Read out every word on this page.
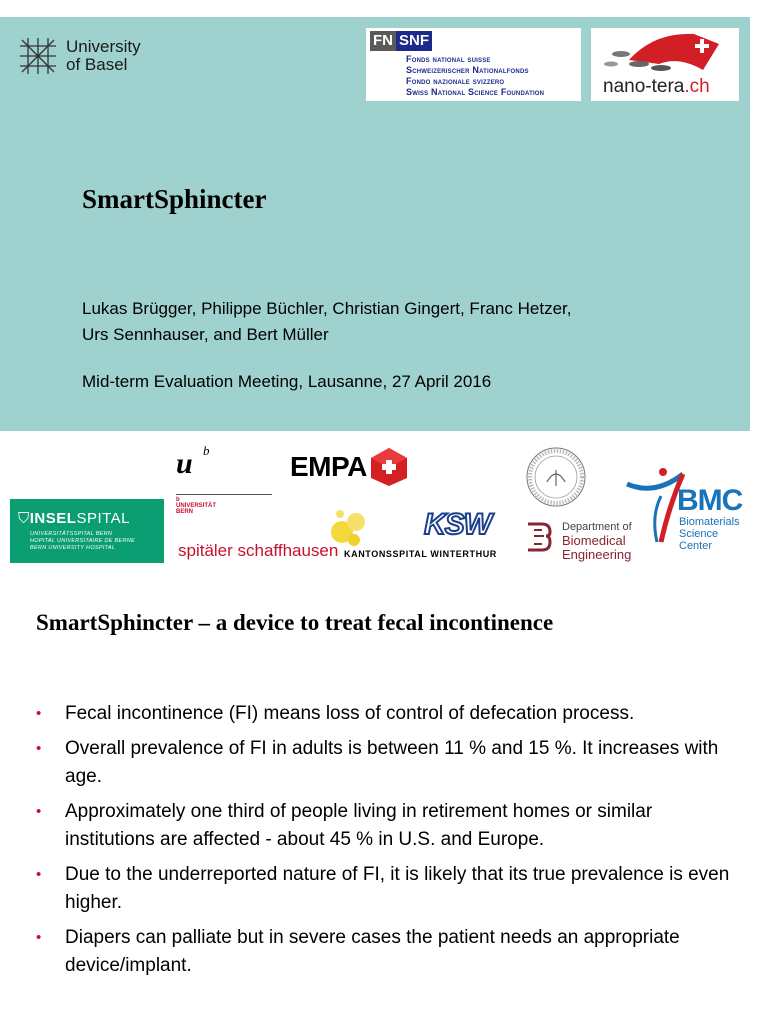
University
of Basel
FN SNF
Fonds national suisse
Schweizerischer Nationalfonds
Fondo nazionale svizzero
Swiss National Science Foundation	nano-tera.ch
SmartSphincter
Lukas Brügger, Philippe Büchler, Christian Gingert, Franc Hetzer,
Urs Sennhauser, and Bert Müller
Mid-term Evaluation Meeting, Lausanne, 27 April 2016
u b
b
UNIVERSITÄT
BERN
EMPA
BMC
Biomaterials
Science Center
⛉INSELSPITAL
UNIVERSITÄTSSPITAL BERN
HOPITAL UNIVERSITAIRE DE BERNE
BERN UNIVERSITY HOSPITAL	spitäler schaffhausen
KSW
KANTONSSPITAL WINTERTHUR
Department of
Biomedical
Engineering
SmartSphincter – a device to treat fecal incontinence
• Fecal incontinence (FI) means loss of control of defecation process.
• Overall prevalence of FI in adults is between 11 % and 15 %. It increases with age.
• Approximately one third of people living in retirement homes or similar institutions are affected - about 45 % in U.S. and Europe.
• Due to the underreported nature of FI, it is likely that its true prevalence is even higher.
• Diapers can palliate but in severe cases the patient needs an appropriate device/implant.
